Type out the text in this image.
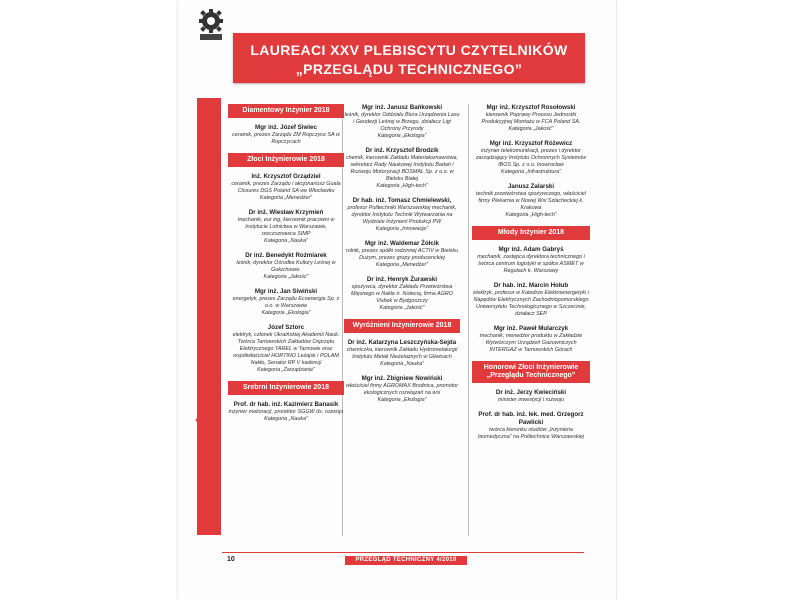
LAUREACI XXV PLEBISCYTU CZYTELNIKÓW
„PRZEGLĄDU TECHNICZNEGO”
ZŁOTY INŻYNIER 2018
Diamentowy Inżynier 2018
Mgr inż. Józef Siwiec
ceramik, prezes Zarządu ZM Ropczyce SA w Ropczycach
Złoci Inżynierowie 2018
Inż. Krzysztof Grządziel
ceramik, prezes Zarządu i akcjonariusz Guala Closures DGS Poland SA we Włocławku
Kategoria „Menedżer”
Dr inż. Wiesław Krzymień
mechanik, eur ing, kierownik pracowni w Instytucie Lotnictwa w Warszawie, rzeczoznawca SIMP
Kategoria „Nauka”
Dr inż. Benedykt Roźmiarek
leśnik, dyrektor Ośrodka Kultury Leśnej w Gołuchowie.
Kategoria „Jakość”
Mgr inż. Jan Siwiński
energetyk, prezes Zarządu Ecoenergia Sp. z o.o. w Warszawie
Kategoria „Ekologia”
Józef Sztorc
elektryk, członek Ukraińskiej Akademii Nauk. Twórca Tarnowskich Zakładów Osprzętu Elektrycznego TAREL w Tarnowie oraz współwłaściciel HORTINO Leżajsk i POLAM Nakło, Senator RP V kadencji
Kategoria „Zarządzanie”
Srebrni Inżynierowie 2018
Prof. dr hab. inż. Kazimierz Banasik
inżynier melioracji, prorektor SGGW ds. rozwoju
Kategoria „Nauka”
Mgr inż. Janusz Bańkowski
leśnik, dyrektor Oddziału Biura Urządzenia Lasu i Geodezji Leśnej w Brzegu, działacz Ligi Ochrony Przyrody
Kategoria „Ekologia”
Dr inż. Krzysztof Brodzik
chemik, kierownik Zakładu Materiałoznawstwa, sekretarz Rady Naukowej Instytutu Badań i Rozwoju Motoryzacji BOSMAL Sp. z o.o. w Bielsku Białej
Kategoria „High-tech”
Dr hab. inż. Tomasz Chmielewski,
profesor Politechniki Warszawskiej mechanik, dyrektor Instytutu Technik Wytwarzania na Wydziale Inżynierii Produkcji PW
Kategoria „Innowacje”
Mgr inż. Waldemar Żółcik
rolnik, prezes spółki rodzinnej ACTIV w Bielsku Dużym, prezes grupy producenckiej
Kategoria „Menedżer”
Dr inż. Henryk Żurawski
spożywca, dyrektor Zakładu Przetwórstwa Mięsnego w Nakle n. Notecią, firma AGRO Visbek w Bydgoszczy
Kategoria „Jakość”
Wyróżnieni Inżynierowie 2018
Dr inż. Katarzyna Leszczyńska-Sejda
chemiczka, kierownik Zakładu Hydrometalurgii Instytutu Metali Nieżelaznych w Gliwicach
Kategoria „Nauka”
Mgr inż. Zbigniew Nowiński
właściciel firmy AGROMAX Brodnica, promotor ekologicznych rozwiązań na wsi
Kategoria „Ekologia”
Mgr inż. Krzysztof Rosołowski
kierownik Poprawy Procesu Jednostki Produkcyjnej Montażu w FCA Poland SA.
Kategoria „Jakość”
Mgr inż. Krzysztof Różewicz
inżynier telekomunikacji, prezes i dyrektor zarządzający Instytutu Ochronnych Systemów IBOS Sp. z o.o. Inowrocław
Kategoria „Infrastruktura”
Janusz Zalarski
technik przetwórstwa spożywczego, właściciel firmy Piekarnia w Nowej Wsi Szlacheckiej k. Krakowa
Kategoria „High-tech”
Młody Inżynier 2018
Mgr inż. Adam Gabryś
mechanik, zastępca dyrektora technicznego i twórca centrum logistyki w spółce ASMET w Regułach k. Warszawy
Dr hab. inż. Marcin Hołub
elektryk, profesor w Katedrze Elektroenergetyki i Napędów Elektrycznych Zachodniopomorskiego Uniwersytetu Technologicznego w Szczecinie, działacz SEP
Mgr inż. Paweł Mularczyk
mechanik, menedżer produktu w Zakładzie Wytwórczym Urządzeń Gazowniczych INTERGAZ w Tarnowskich Górach
Honorowi Złoci Inżynierowie „Przeglądu Technicznego”
Dr inż. Jerzy Kwieciński
minister inwestycji i rozwoju
Prof. dr hab. inż. lek. med. Grzegorz Pawlicki
twórca kierunku studiów „Inżynieria biomedyczna” na Politechnice Warszawskiej
10	PRZEGLĄD TECHNICZNY 4/2019
